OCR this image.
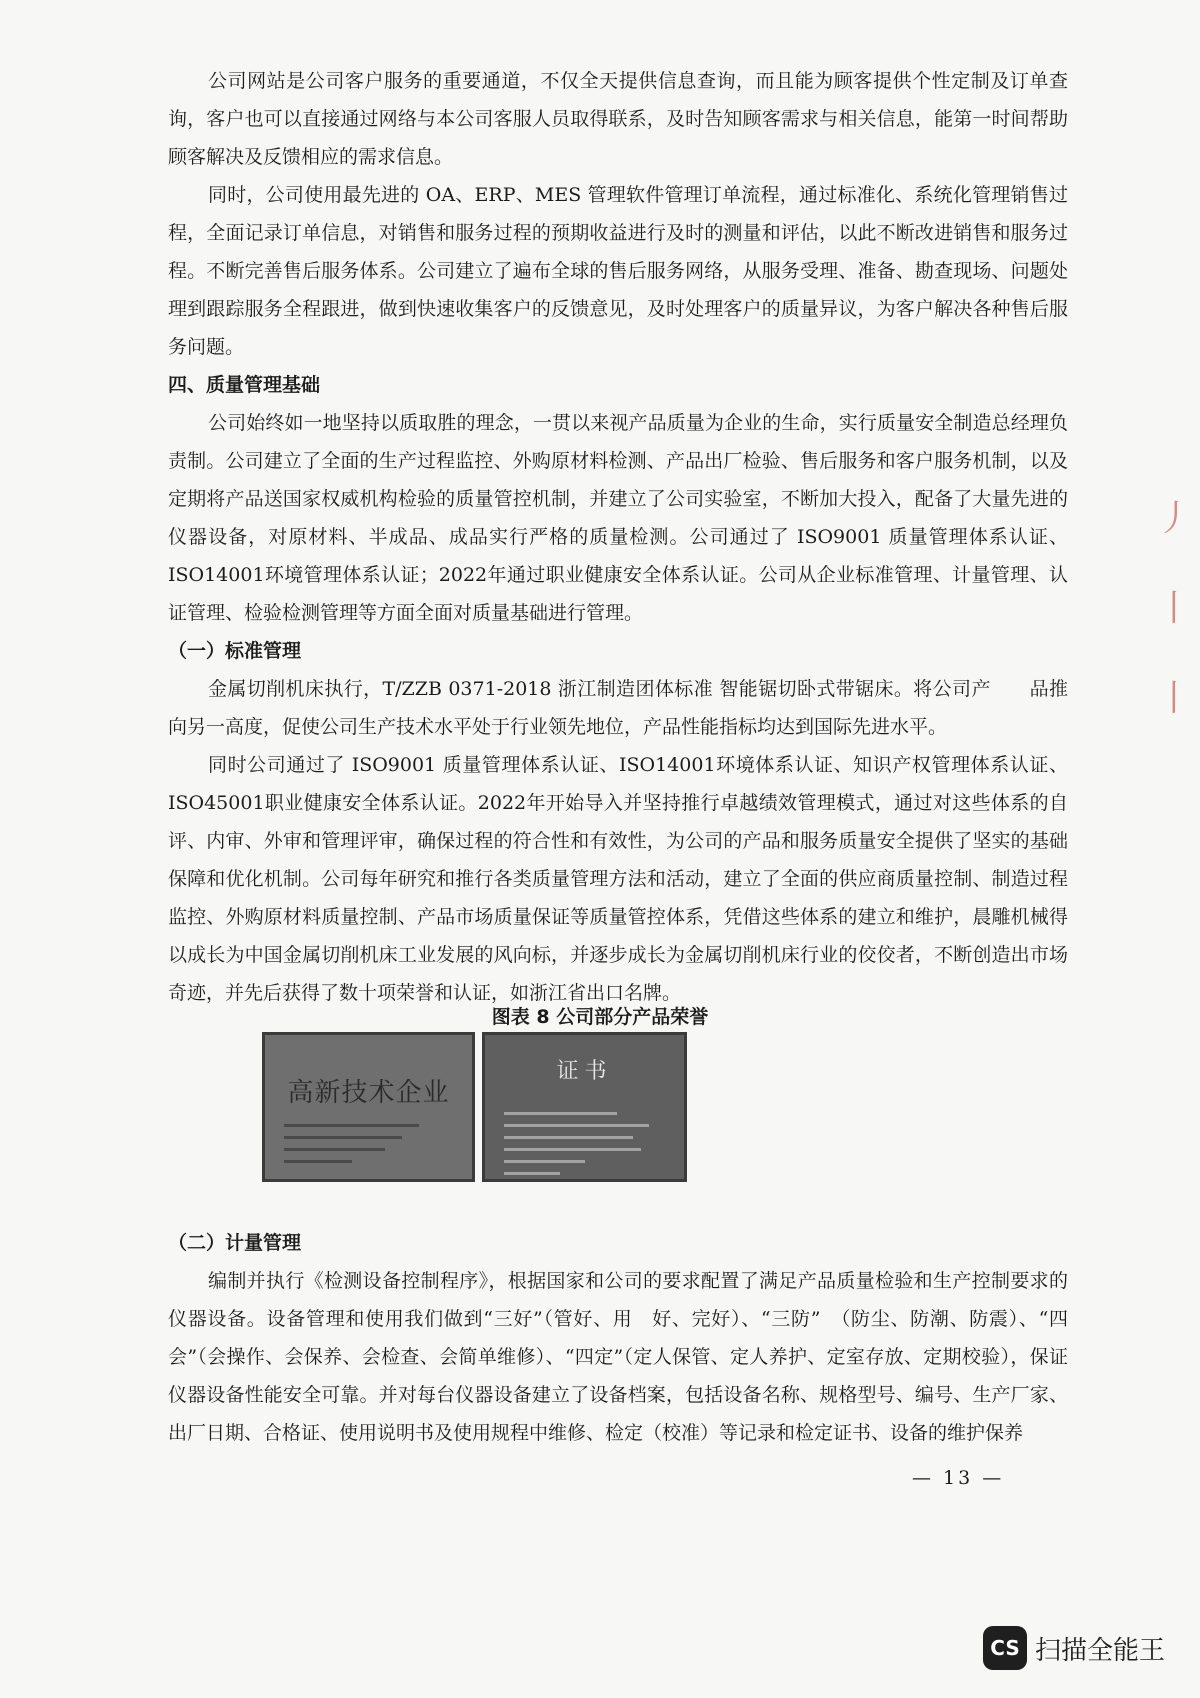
公司网站是公司客户服务的重要通道，不仅全天提供信息查询，而且能为顾客提供个性定制及订单查询，客户也可以直接通过网络与本公司客服人员取得联系，及时告知顾客需求与相关信息，能第一时间帮助顾客解决及反馈相应的需求信息。

同时，公司使用最先进的 OA、ERP、MES 管理软件管理订单流程，通过标准化、系统化管理销售过程，全面记录订单信息，对销售和服务过程的预期收益进行及时的测量和评估，以此不断改进销售和服务过程。不断完善售后服务体系。公司建立了遍布全球的售后服务网络，从服务受理、准备、勘查现场、问题处理到跟踪服务全程跟进，做到快速收集客户的反馈意见，及时处理客户的质量异议，为客户解决各种售后服务问题。

四、质量管理基础

公司始终如一地坚持以质取胜的理念，一贯以来视产品质量为企业的生命，实行质量安全制造总经理负责制。公司建立了全面的生产过程监控、外购原材料检测、产品出厂检验、售后服务和客户服务机制，以及定期将产品送国家权威机构检验的质量管控机制，并建立了公司实验室，不断加大投入，配备了大量先进的仪器设备，对原材料、半成品、成品实行严格的质量检测。公司通过了 ISO9001 质量管理体系认证、ISO14001环境管理体系认证；2022年通过职业健康安全体系认证。公司从企业标准管理、计量管理、认证管理、检验检测管理等方面全面对质量基础进行管理。

（一）标准管理

金属切削机床执行，T/ZZB 0371-2018 浙江制造团体标准 智能锯切卧式带锯床。将公司产　　品推向另一高度，促使公司生产技术水平处于行业领先地位，产品性能指标均达到国际先进水平。

同时公司通过了 ISO9001 质量管理体系认证、ISO14001环境体系认证、知识产权管理体系认证、ISO45001职业健康安全体系认证。2022年开始导入并坚持推行卓越绩效管理模式，通过对这些体系的自评、内审、外审和管理评审，确保过程的符合性和有效性，为公司的产品和服务质量安全提供了坚实的基础保障和优化机制。公司每年研究和推行各类质量管理方法和活动，建立了全面的供应商质量控制、制造过程监控、外购原材料质量控制、产品市场质量保证等质量管控体系，凭借这些体系的建立和维护，晨雕机械得以成长为中国金属切削机床工业发展的风向标，并逐步成长为金属切削机床行业的佼佼者，不断创造出市场奇迹，并先后获得了数十项荣誉和认证，如浙江省出口名牌。

图表 8 公司部分产品荣誉
高新技术企业
证书

（二）计量管理

编制并执行《检测设备控制程序》，根据国家和公司的要求配置了满足产品质量检验和生产控制要求的仪器设备。设备管理和使用我们做到“三好”（管好、用　好、完好）、“三防”　（防尘、防潮、防震）、“四会”（会操作、会保养、会检查、会简单维修）、“四定”（定人保管、定人养护、定室存放、定期校验），保证仪器设备性能安全可靠。并对每台仪器设备建立了设备档案，包括设备名称、规格型号、编号、生产厂家、出厂日期、合格证、使用说明书及使用规程中维修、检定（校准）等记录和检定证书、设备的维护保养

— 13 —
丿
丨
丨
CS 扫描全能王
